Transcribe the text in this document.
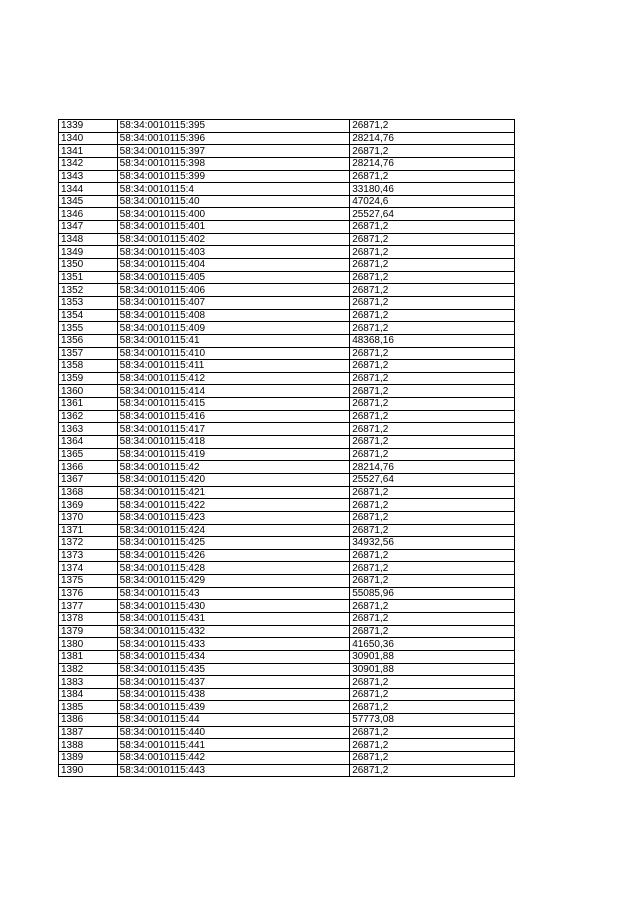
1339	58:34:0010115:395	26871,2
1340	58:34:0010115:396	28214,76
1341	58:34:0010115:397	26871,2
1342	58:34:0010115:398	28214,76
1343	58:34:0010115:399	26871,2
1344	58:34:0010115:4	33180,46
1345	58:34:0010115:40	47024,6
1346	58:34:0010115:400	25527,64
1347	58:34:0010115:401	26871,2
1348	58:34:0010115:402	26871,2
1349	58:34:0010115:403	26871,2
1350	58:34:0010115:404	26871,2
1351	58:34:0010115:405	26871,2
1352	58:34:0010115:406	26871,2
1353	58:34:0010115:407	26871,2
1354	58:34:0010115:408	26871,2
1355	58:34:0010115:409	26871,2
1356	58:34:0010115:41	48368,16
1357	58:34:0010115:410	26871,2
1358	58:34:0010115:411	26871,2
1359	58:34:0010115:412	26871,2
1360	58:34:0010115:414	26871,2
1361	58:34:0010115:415	26871,2
1362	58:34:0010115:416	26871,2
1363	58:34:0010115:417	26871,2
1364	58:34:0010115:418	26871,2
1365	58:34:0010115:419	26871,2
1366	58:34:0010115:42	28214,76
1367	58:34:0010115:420	25527,64
1368	58:34:0010115:421	26871,2
1369	58:34:0010115:422	26871,2
1370	58:34:0010115:423	26871,2
1371	58:34:0010115:424	26871,2
1372	58:34:0010115:425	34932,56
1373	58:34:0010115:426	26871,2
1374	58:34:0010115:428	26871,2
1375	58:34:0010115:429	26871,2
1376	58:34:0010115:43	55085,96
1377	58:34:0010115:430	26871,2
1378	58:34:0010115:431	26871,2
1379	58:34:0010115:432	26871,2
1380	58:34:0010115:433	41650,36
1381	58:34:0010115:434	30901,88
1382	58:34:0010115:435	30901,88
1383	58:34:0010115:437	26871,2
1384	58:34:0010115:438	26871,2
1385	58:34:0010115:439	26871,2
1386	58:34:0010115:44	57773,08
1387	58:34:0010115:440	26871,2
1388	58:34:0010115:441	26871,2
1389	58:34:0010115:442	26871,2
1390	58:34:0010115:443	26871,2
